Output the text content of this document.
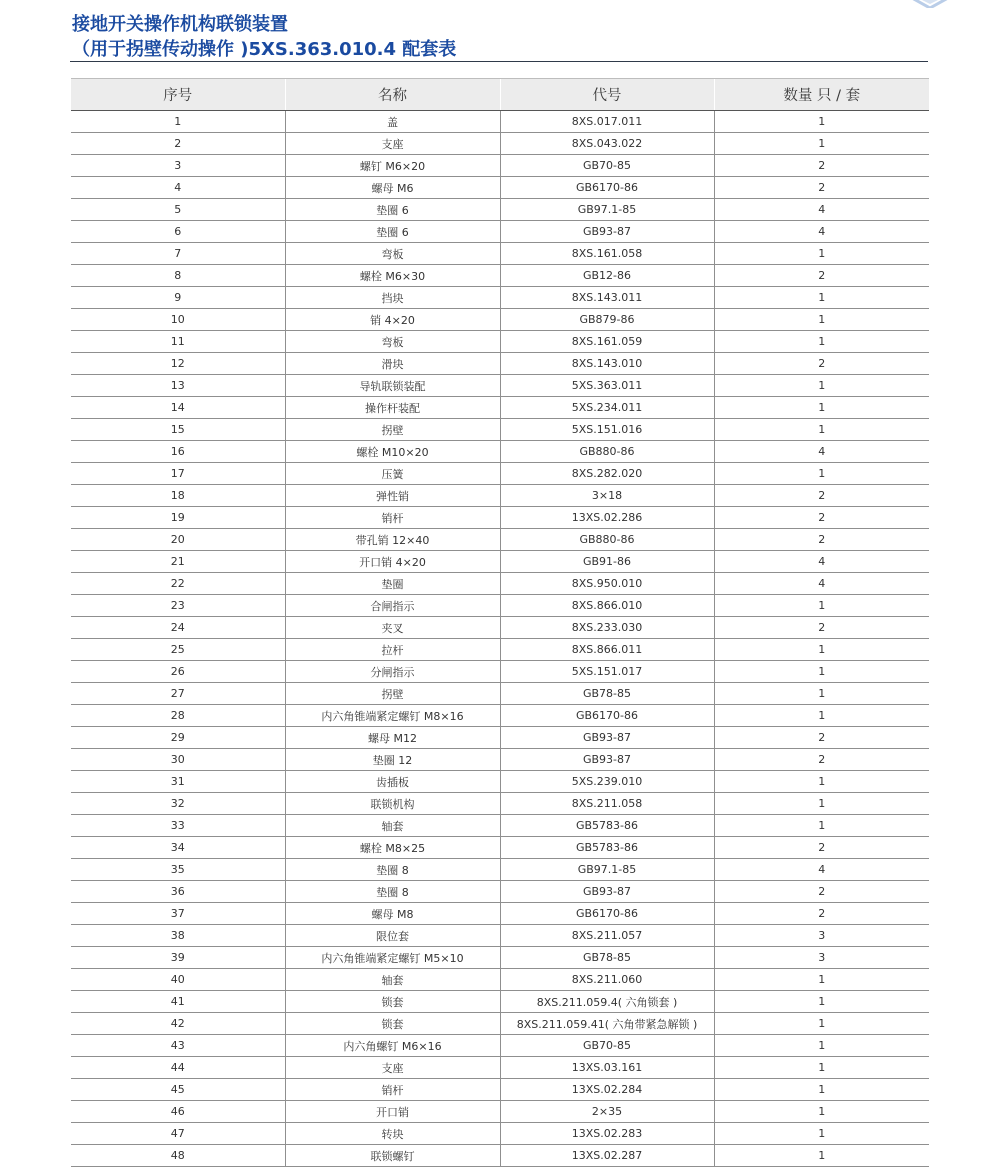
接地开关操作机构联锁装置
（用于拐壁传动操作 )5XS.363.010.4 配套表
序号	名称	代号	数量 只 / 套
1	盖	8XS.017.011	1
2	支座	8XS.043.022	1
3	螺钉 M6×20	GB70-85	2
4	螺母 M6	GB6170-86	2
5	垫圈 6	GB97.1-85	4
6	垫圈 6	GB93-87	4
7	弯板	8XS.161.058	1
8	螺栓 M6×30	GB12-86	2
9	挡块	8XS.143.011	1
10	销 4×20	GB879-86	1
11	弯板	8XS.161.059	1
12	滑块	8XS.143.010	2
13	导轨联锁装配	5XS.363.011	1
14	操作杆装配	5XS.234.011	1
15	拐壁	5XS.151.016	1
16	螺栓 M10×20	GB880-86	4
17	压簧	8XS.282.020	1
18	弹性销	3×18	2
19	销杆	13XS.02.286	2
20	带孔销 12×40	GB880-86	2
21	开口销 4×20	GB91-86	4
22	垫圈	8XS.950.010	4
23	合闸指示	8XS.866.010	1
24	夹叉	8XS.233.030	2
25	拉杆	8XS.866.011	1
26	分闸指示	5XS.151.017	1
27	拐壁	GB78-85	1
28	内六角锥端紧定螺钉 M8×16	GB6170-86	1
29	螺母 M12	GB93-87	2
30	垫圈 12	GB93-87	2
31	齿插板	5XS.239.010	1
32	联锁机构	8XS.211.058	1
33	轴套	GB5783-86	1
34	螺栓 M8×25	GB5783-86	2
35	垫圈 8	GB97.1-85	4
36	垫圈 8	GB93-87	2
37	螺母 M8	GB6170-86	2
38	限位套	8XS.211.057	3
39	内六角锥端紧定螺钉 M5×10	GB78-85	3
40	轴套	8XS.211.060	1
41	锁套	8XS.211.059.4( 六角锁套 )	1
42	锁套	8XS.211.059.41( 六角带紧急解锁 )	1
43	内六角螺钉 M6×16	GB70-85	1
44	支座	13XS.03.161	1
45	销杆	13XS.02.284	1
46	开口销	2×35	1
47	转块	13XS.02.283	1
48	联锁螺钉	13XS.02.287	1
